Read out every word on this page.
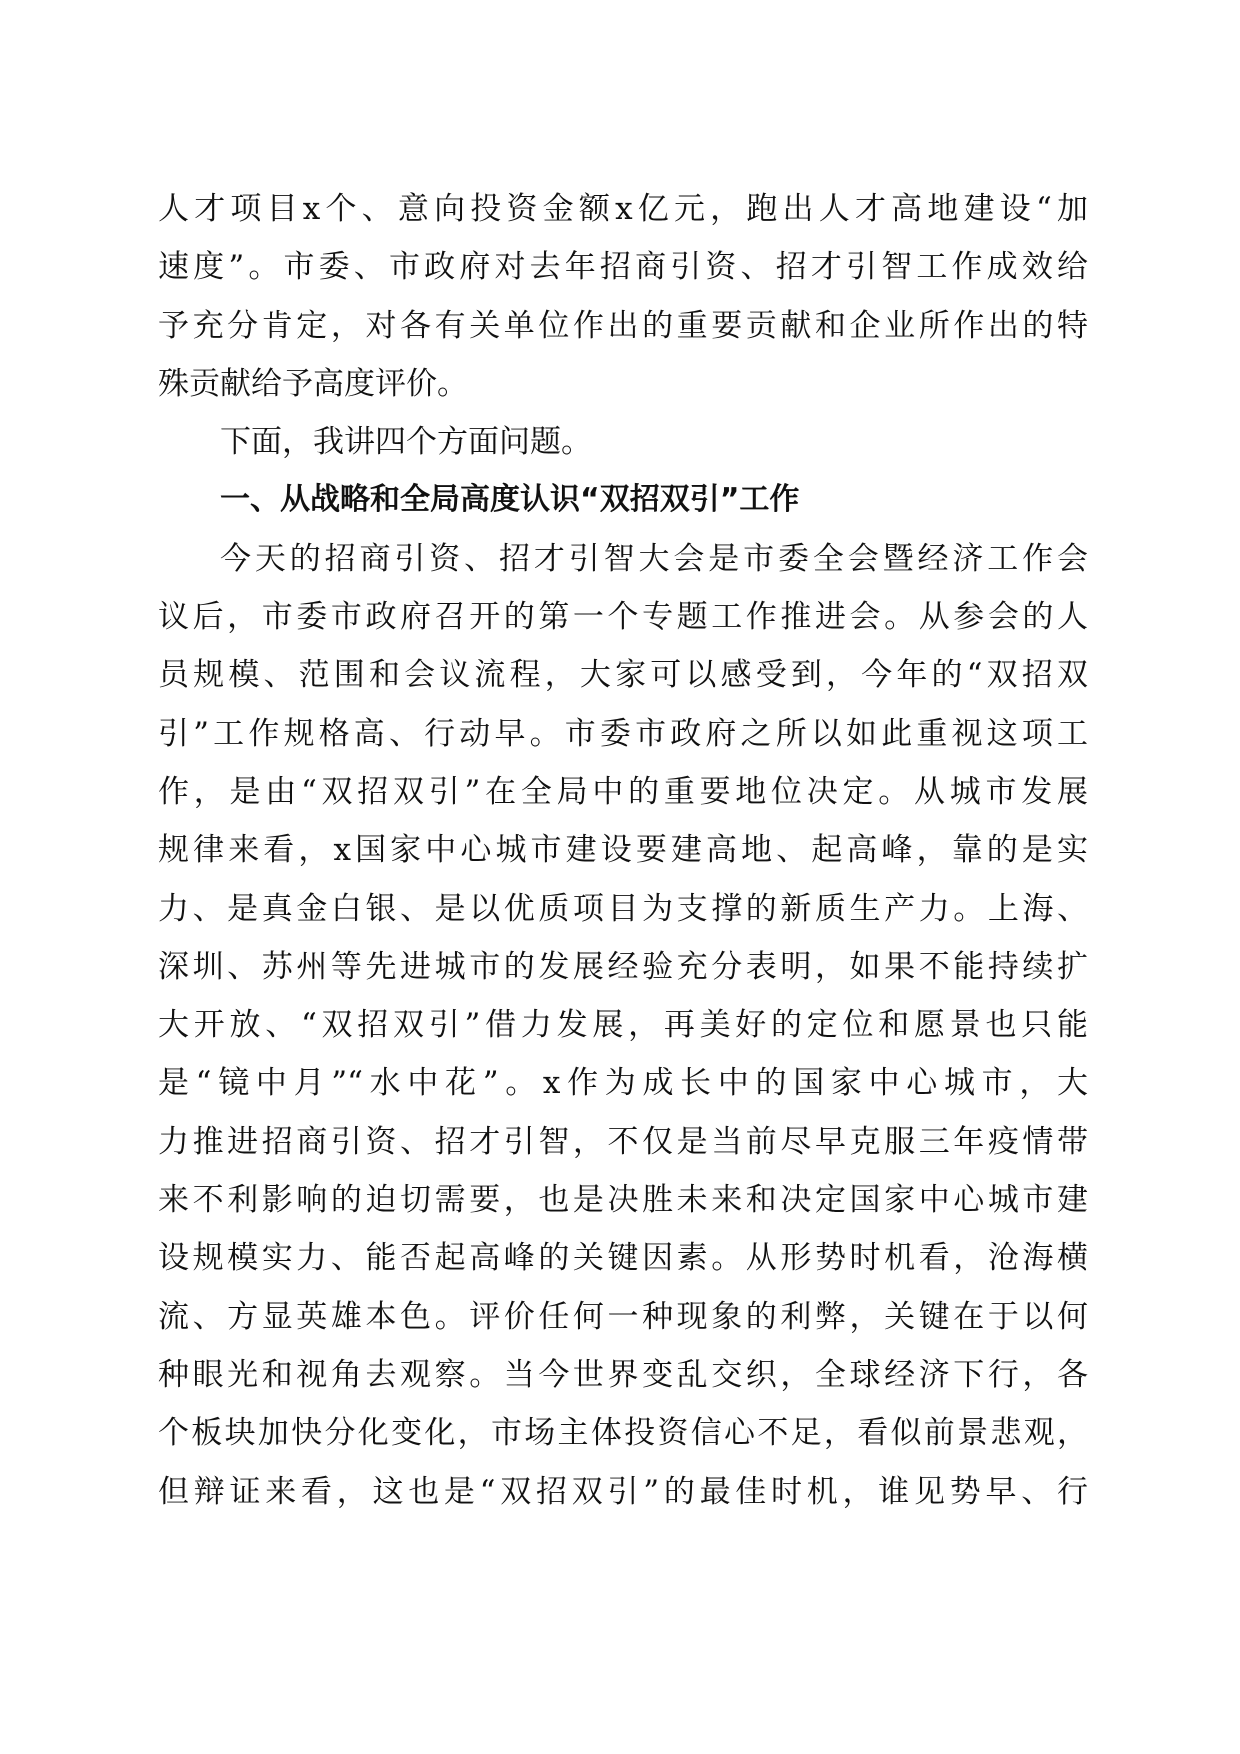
人才项目x个、意向投资金额x亿元，跑出人才高地建设“加
速度”。市委、市政府对去年招商引资、招才引智工作成效给
予充分肯定，对各有关单位作出的重要贡献和企业所作出的特
殊贡献给予高度评价。
下面，我讲四个方面问题。
一、从战略和全局高度认识“双招双引”工作
今天的招商引资、招才引智大会是市委全会暨经济工作会
议后，市委市政府召开的第一个专题工作推进会。从参会的人
员规模、范围和会议流程，大家可以感受到，今年的“双招双
引”工作规格高、行动早。市委市政府之所以如此重视这项工
作，是由“双招双引”在全局中的重要地位决定。从城市发展
规律来看，x国家中心城市建设要建高地、起高峰，靠的是实
力、是真金白银、是以优质项目为支撑的新质生产力。上海、
深圳、苏州等先进城市的发展经验充分表明，如果不能持续扩
大开放、“双招双引”借力发展，再美好的定位和愿景也只能
是“镜中月”“水中花”。x作为成长中的国家中心城市，大
力推进招商引资、招才引智，不仅是当前尽早克服三年疫情带
来不利影响的迫切需要，也是决胜未来和决定国家中心城市建
设规模实力、能否起高峰的关键因素。从形势时机看，沧海横
流、方显英雄本色。评价任何一种现象的利弊，关键在于以何
种眼光和视角去观察。当今世界变乱交织，全球经济下行，各
个板块加快分化变化，市场主体投资信心不足，看似前景悲观，
但辩证来看，这也是“双招双引”的最佳时机，谁见势早、行
